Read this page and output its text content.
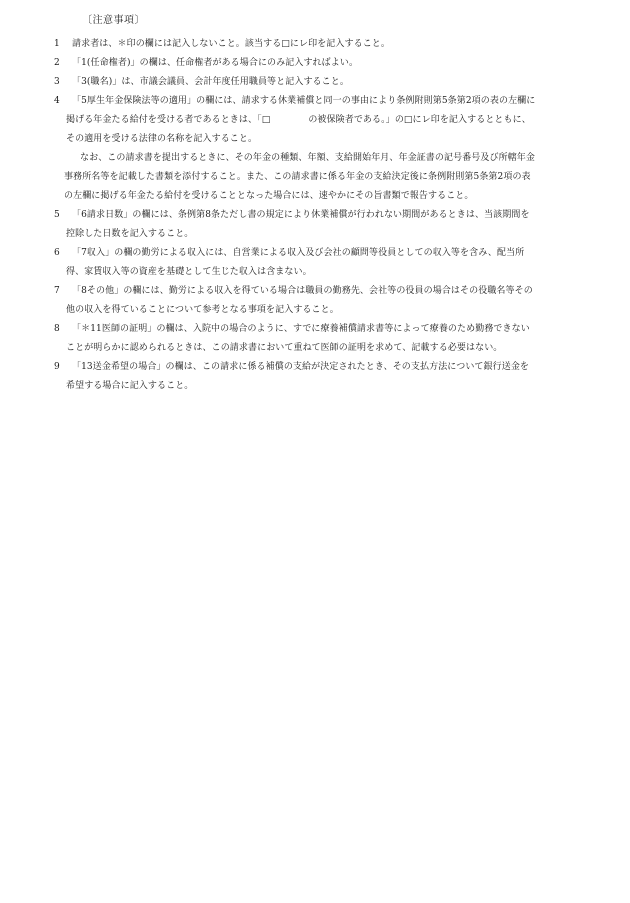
〔注意事項〕
1	請求者は、＊印の欄には記入しないこと。該当する□にレ印を記入すること。
2	「1(任命権者)」の欄は、任命権者がある場合にのみ記入すればよい。
3	「3(職名)」は、市議会議員、会計年度任用職員等と記入すること。
4	「5厚生年金保険法等の適用」の欄には、請求する休業補償と同一の事由により条例附則第5条第2項の表の左欄に
掲げる年金たる給付を受ける者であるときは、「□	の被保険者である。」の□にレ印を記入するとともに、
その適用を受ける法律の名称を記入すること。
なお、この請求書を提出するときに、その年金の種類、年額、支給開始年月、年金証書の記号番号及び所轄年金
事務所名等を記載した書類を添付すること。また、この請求書に係る年金の支給決定後に条例附則第5条第2項の表
の左欄に掲げる年金たる給付を受けることとなった場合には、速やかにその旨書類で報告すること。
5	「6請求日数」の欄には、条例第8条ただし書の規定により休業補償が行われない期間があるときは、当該期間を
控除した日数を記入すること。
6	「7収入」の欄の勤労による収入には、自営業による収入及び会社の顧問等役員としての収入等を含み、配当所
得、家賃収入等の資産を基礎として生じた収入は含まない。
7	「8その他」の欄には、勤労による収入を得ている場合は職員の勤務先、会社等の役員の場合はその役職名等その
他の収入を得ていることについて参考となる事項を記入すること。
8	「＊11医師の証明」の欄は、入院中の場合のように、すでに療養補償請求書等によって療養のため勤務できない
ことが明らかに認められるときは、この請求書において重ねて医師の証明を求めて、記載する必要はない。
9	「13送金希望の場合」の欄は、この請求に係る補償の支給が決定されたとき、その支払方法について銀行送金を
希望する場合に記入すること。
